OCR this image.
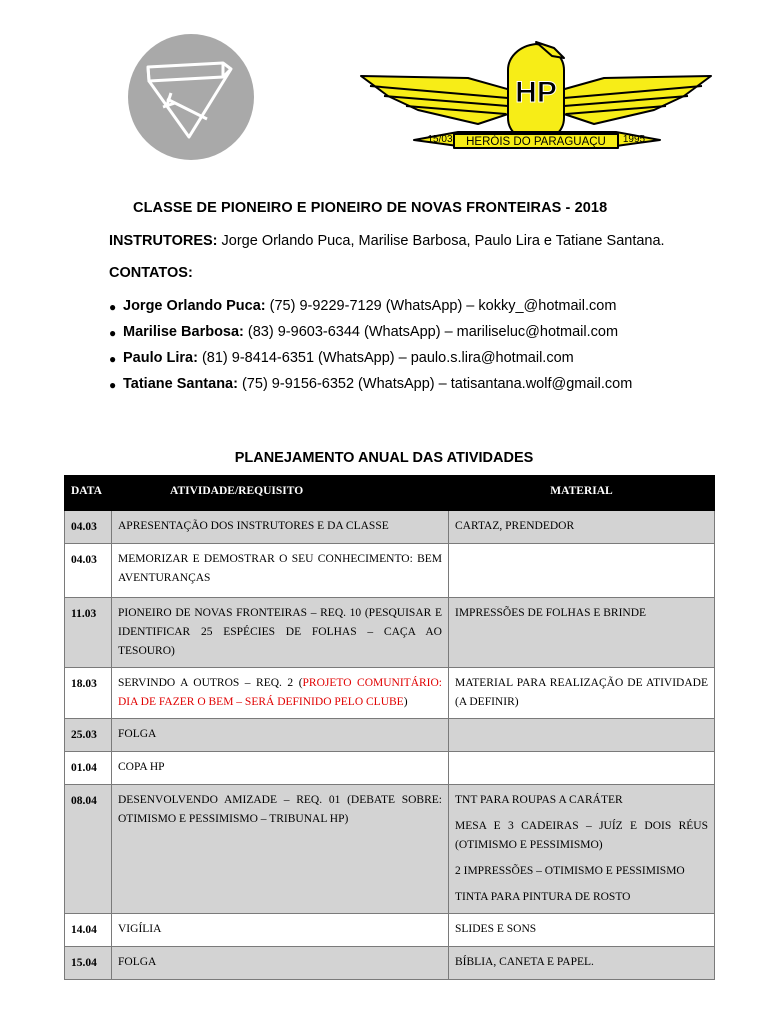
HP
15/03	1995
HERÓIS DO PARAGUAÇU
CLASSE DE PIONEIRO E PIONEIRO DE NOVAS FRONTEIRAS - 2018
INSTRUTORES: Jorge Orlando Puca, Marilise Barbosa, Paulo Lira e Tatiane Santana.
CONTATOS:
● Jorge Orlando Puca: (75) 9-9229-7129 (WhatsApp) – kokky_@hotmail.com
● Marilise Barbosa: (83) 9-9603-6344 (WhatsApp) – mariliseluc@hotmail.com
● Paulo Lira: (81) 9-8414-6351 (WhatsApp) – paulo.s.lira@hotmail.com
● Tatiane Santana: (75) 9-9156-6352 (WhatsApp) – tatisantana.wolf@gmail.com
PLANEJAMENTO ANUAL DAS ATIVIDADES
DATA	ATIVIDADE/REQUISITO	MATERIAL
04.03	APRESENTAÇÃO DOS INSTRUTORES E DA CLASSE	CARTAZ, PRENDEDOR
04.03	MEMORIZAR E DEMOSTRAR O SEU CONHECIMENTO: BEM AVENTURANÇAS	
11.03	PIONEIRO DE NOVAS FRONTEIRAS – REQ. 10 (PESQUISAR E IDENTIFICAR 25 ESPÉCIES DE FOLHAS – CAÇA AO TESOURO)	IMPRESSÕES DE FOLHAS E BRINDE
18.03	SERVINDO A OUTROS – REQ. 2 (PROJETO COMUNITÁRIO: DIA DE FAZER O BEM – SERÁ DEFINIDO PELO CLUBE)	MATERIAL PARA REALIZAÇÃO DE ATIVIDADE (A DEFINIR)
25.03	FOLGA	
01.04	COPA HP	
08.04	DESENVOLVENDO AMIZADE – REQ. 01 (DEBATE SOBRE: OTIMISMO E PESSIMISMO – TRIBUNAL HP)	TNT PARA ROUPAS A CARÁTER
MESA E 3 CADEIRAS – JUÍZ E DOIS RÉUS (OTIMISMO E PESSIMISMO)
2 IMPRESSÕES – OTIMISMO E PESSIMISMO
TINTA PARA PINTURA DE ROSTO

14.04	VIGÍLIA	SLIDES E SONS
15.04	FOLGA	BÍBLIA, CANETA E PAPEL.
